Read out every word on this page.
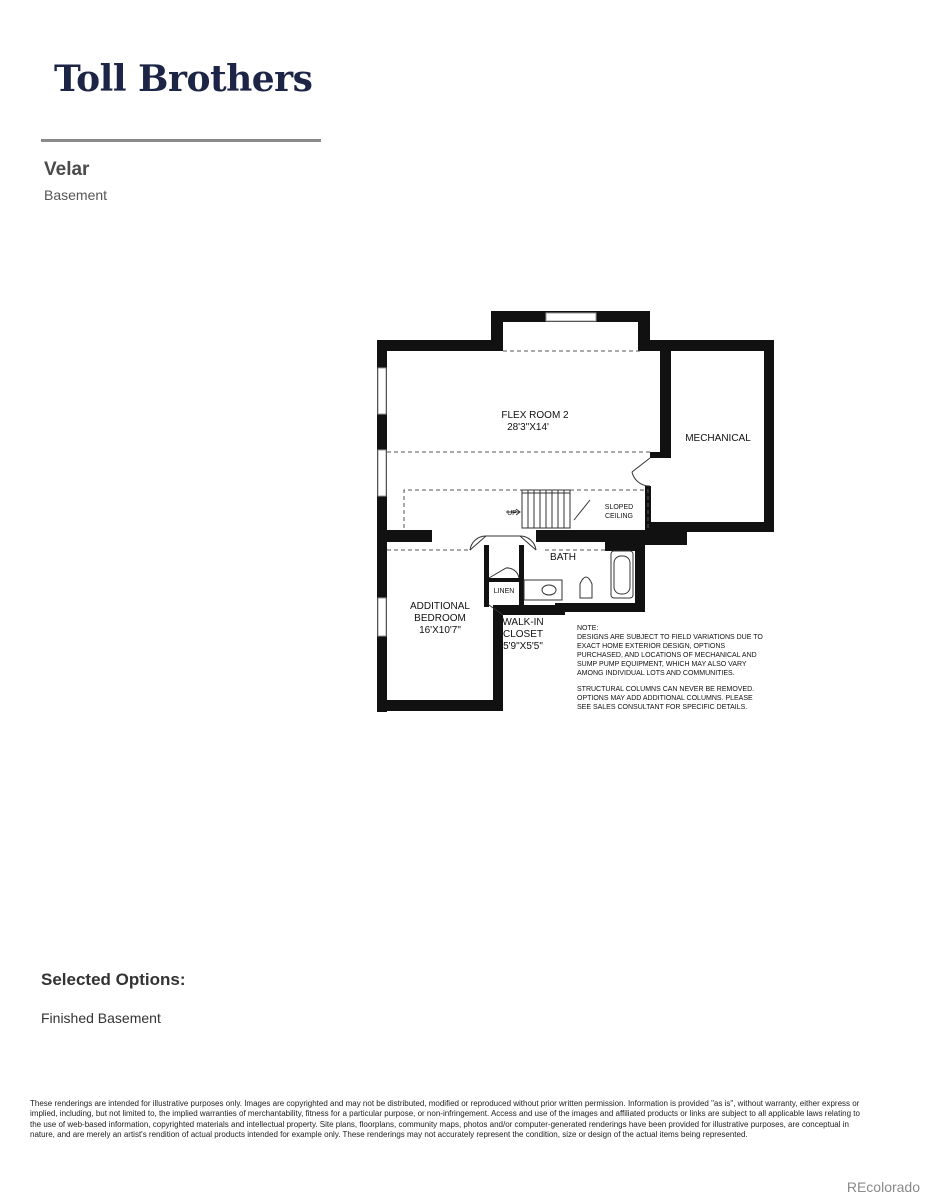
Toll Brothers
Velar
Basement
FLEX ROOM 2
28'3"X14'
MECHANICAL
UP
SLOPED
CEILING
BATH
LINEN
ADDITIONAL
BEDROOM
16'X10'7"
WALK-IN
CLOSET
5'9"X5'5"
NOTE:
DESIGNS ARE SUBJECT TO FIELD VARIATIONS DUE TO
EXACT HOME EXTERIOR DESIGN, OPTIONS
PURCHASED, AND LOCATIONS OF MECHANICAL AND
SUMP PUMP EQUIPMENT, WHICH MAY ALSO VARY
AMONG INDIVIDUAL LOTS AND COMMUNITIES.
STRUCTURAL COLUMNS CAN NEVER BE REMOVED.
OPTIONS MAY ADD ADDITIONAL COLUMNS. PLEASE
SEE SALES CONSULTANT FOR SPECIFIC DETAILS.
Selected Options:
Finished Basement
These renderings are intended for illustrative purposes only. Images are copyrighted and may not be distributed, modified or reproduced without prior written permission. Information is provided "as is", without warranty, either express or implied, including, but not limited to, the implied warranties of merchantability, fitness for a particular purpose, or non-infringement. Access and use of the images and affiliated products or links are subject to all applicable laws relating to the use of web-based information, copyrighted materials and intellectual property. Site plans, floorplans, community maps, photos and/or computer-generated renderings have been provided for illustrative purposes, are conceptual in nature, and are merely an artist's rendition of actual products intended for example only. These renderings may not accurately represent the condition, size or design of the actual items being represented.
REcolorado
